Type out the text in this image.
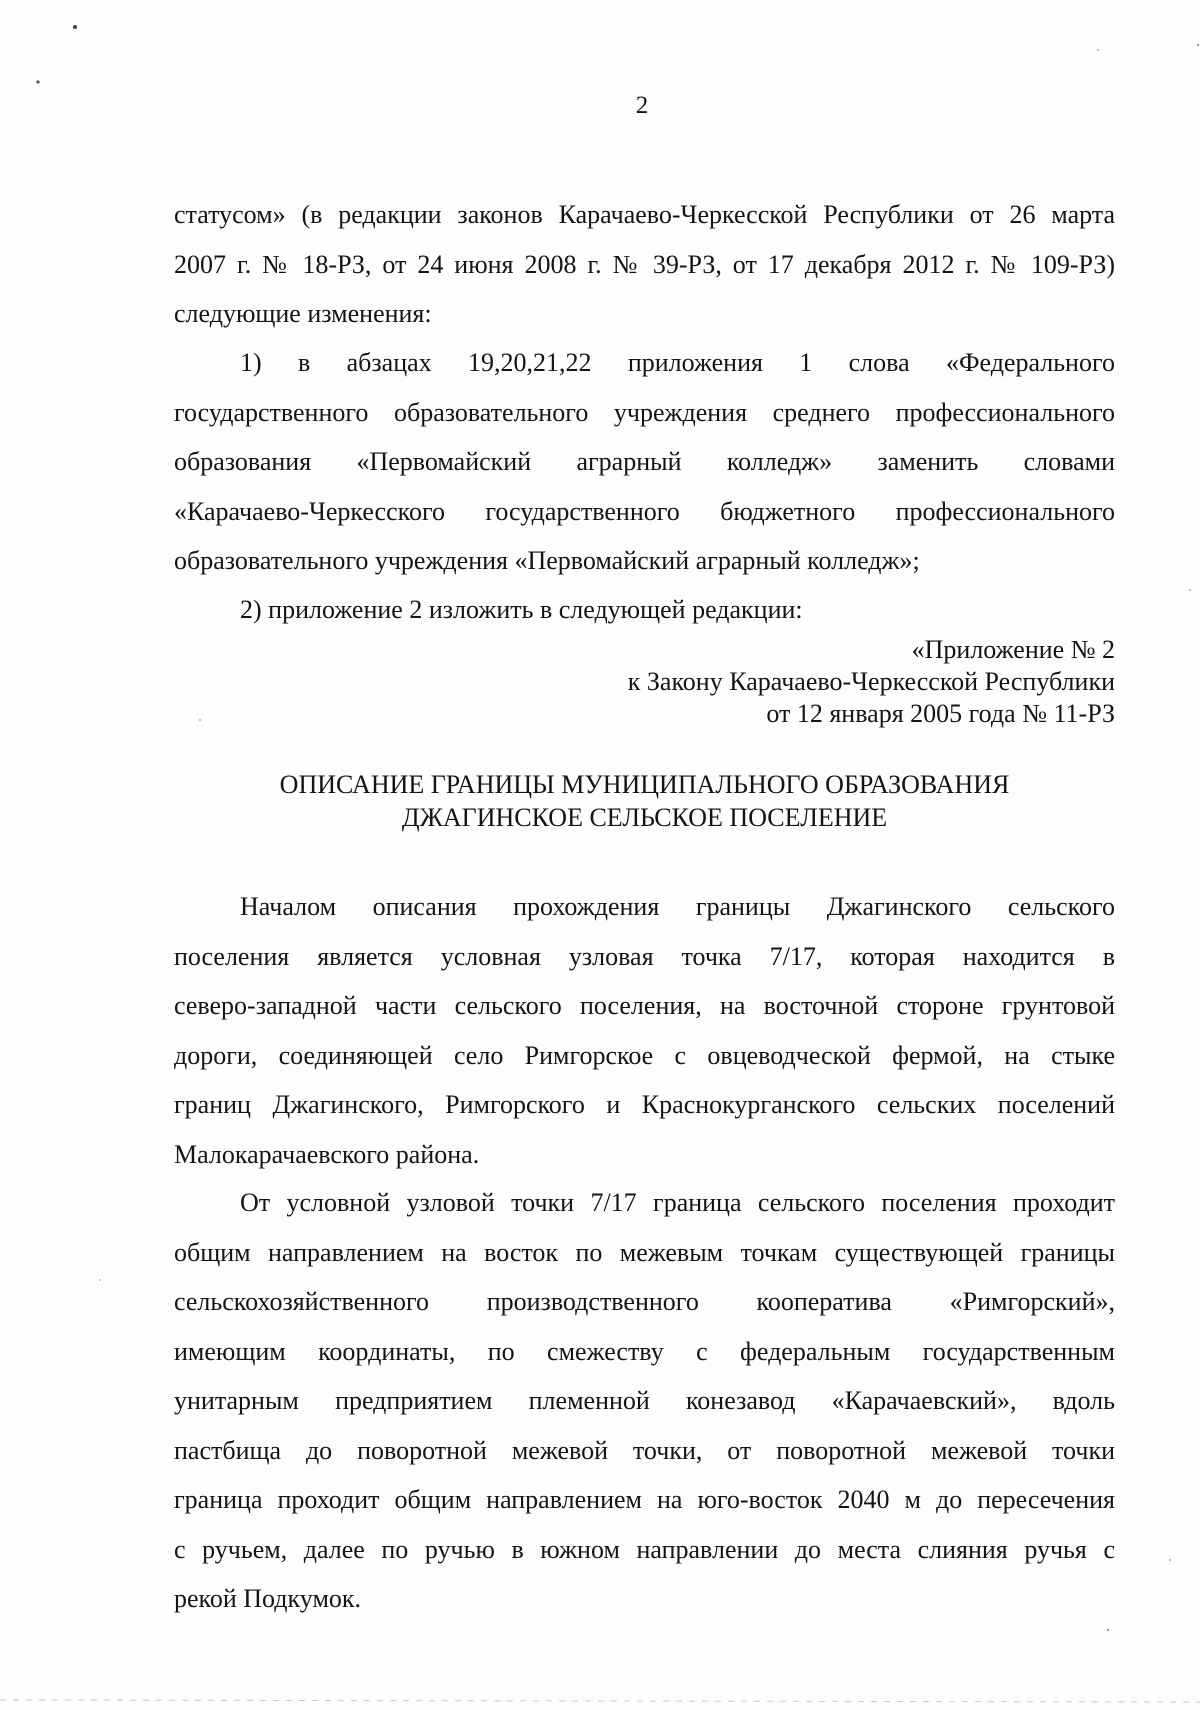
2
статусом» (в редакции законов Карачаево-Черкесской Республики от 26 марта
2007 г. № 18-РЗ, от 24 июня 2008 г. № 39-РЗ, от 17 декабря 2012 г. № 109-РЗ)
следующие изменения:
1) в абзацах 19,20,21,22 приложения 1 слова «Федерального
государственного образовательного учреждения среднего профессионального
образования «Первомайский аграрный колледж» заменить словами
«Карачаево-Черкесского государственного бюджетного профессионального
образовательного учреждения «Первомайский аграрный колледж»;
2) приложение 2 изложить в следующей редакции:
«Приложение № 2
к Закону Карачаево-Черкесской Республики
от 12 января 2005 года № 11-РЗ
ОПИСАНИЕ ГРАНИЦЫ МУНИЦИПАЛЬНОГО ОБРАЗОВАНИЯ
ДЖАГИНСКОЕ СЕЛЬСКОЕ ПОСЕЛЕНИЕ
Началом описания прохождения границы Джагинского сельского
поселения является условная узловая точка 7/17, которая находится в
северо-западной части сельского поселения, на восточной стороне грунтовой
дороги, соединяющей село Римгорское с овцеводческой фермой, на стыке
границ Джагинского, Римгорского и Краснокурганского сельских поселений
Малокарачаевского района.
От условной узловой точки 7/17 граница сельского поселения проходит
общим направлением на восток по межевым точкам существующей границы
сельскохозяйственного производственного кооператива «Римгорский»,
имеющим координаты, по смежеству с федеральным государственным
унитарным предприятием племенной конезавод «Карачаевский», вдоль
пастбища до поворотной межевой точки, от поворотной межевой точки
граница проходит общим направлением на юго-восток 2040 м до пересечения
с ручьем, далее по ручью в южном направлении до места слияния ручья с
рекой Подкумок.
